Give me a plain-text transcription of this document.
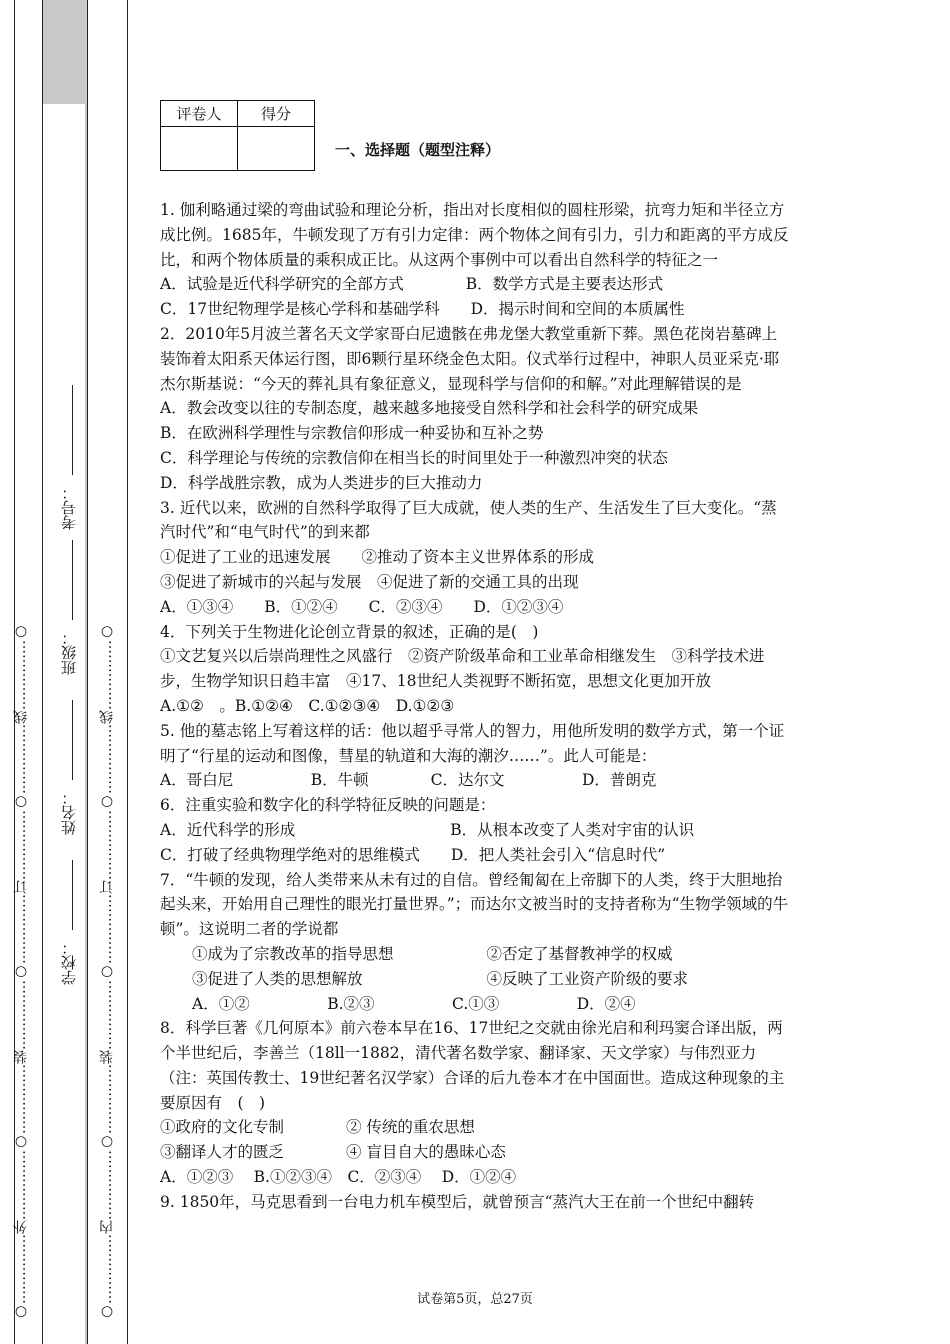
○……………外……………○……………装……………○……………订……………○……………线……………○	○……………内……………○……………装……………○……………订……………○……………线……………○
学校：
姓名：
班级：
考号：
评卷人	得分

一、选择题（题型注释）

1. 伽利略通过梁的弯曲试验和理论分析，指出对长度相似的圆柱形梁，抗弯力矩和半径立方成比例。1685年，牛顿发现了万有引力定律：两个物体之间有引力，引力和距离的平方成反比，和两个物体质量的乘积成正比。从这两个事例中可以看出自然科学的特征之一

A．试验是近代科学研究的全部方式　　　　B．数学方式是主要表达形式

C．17世纪物理学是核心学科和基础学科　　D．揭示时间和空间的本质属性

2．2010年5月波兰著名天文学家哥白尼遗骸在弗龙堡大教堂重新下葬。黑色花岗岩墓碑上装饰着太阳系天体运行图，即6颗行星环绕金色太阳。仪式举行过程中，神职人员亚采克·耶杰尔斯基说：“今天的葬礼具有象征意义，显现科学与信仰的和解。”对此理解错误的是

A．教会改变以往的专制态度，越来越多地接受自然科学和社会科学的研究成果

B．在欧洲科学理性与宗教信仰形成一种妥协和互补之势

C．科学理论与传统的宗教信仰在相当长的时间里处于一种激烈冲突的状态

D．科学战胜宗教，成为人类进步的巨大推动力

3. 近代以来，欧洲的自然科学取得了巨大成就，使人类的生产、生活发生了巨大变化。“蒸汽时代”和“电气时代”的到来都

①促进了工业的迅速发展　　②推动了资本主义世界体系的形成

③促进了新城市的兴起与发展　④促进了新的交通工具的出现

A．①③④　　B．①②④　　C．②③④　　D．①②③④

4．下列关于生物进化论创立背景的叙述，正确的是(　)

①文艺复兴以后崇尚理性之风盛行　②资产阶级革命和工业革命相继发生　③科学技术进步，生物学知识日趋丰富　④17、18世纪人类视野不断拓宽，思想文化更加开放

A.①②　。B.①②④　C.①②③④　D.①②③

5. 他的墓志铭上写着这样的话：他以超乎寻常人的智力，用他所发明的数学方式，第一个证明了“行星的运动和图像，彗星的轨道和大海的潮汐……”。此人可能是：

A．哥白尼　　　　　B．牛顿　　　　C．达尔文　　　　　D．普朗克

6．注重实验和数字化的科学特征反映的问题是：

A．近代科学的形成　　　　　　　　　　B．从根本改变了人类对宇宙的认识

C．打破了经典物理学绝对的思维模式　　D．把人类社会引入“信息时代”

7．“牛顿的发现，给人类带来从未有过的自信。曾经匍匐在上帝脚下的人类，终于大胆地抬起头来，开始用自己理性的眼光打量世界。”；而达尔文被当时的支持者称为“生物学领域的牛顿”。这说明二者的学说都

①成为了宗教改革的指导思想　　　　　　②否定了基督教神学的权威

③促进了人类的思想解放　　　　　　　　④反映了工业资产阶级的要求

A．①②　　　　　B.②③　　　　　C.①③　　　　　D．②④

8．科学巨著《几何原本》前六卷本早在16、17世纪之交就由徐光启和利玛窦合译出版，两个半世纪后，李善兰（18ll一1882，清代著名数学家、翻译家、天文学家）与伟烈亚力（注：英国传教士、19世纪著名汉学家）合译的后九卷本才在中国面世。造成这种现象的主要原因有　(　)

①政府的文化专制　　　　② 传统的重农思想

③翻译人才的匮乏　　　　④ 盲目自大的愚昧心态

A．①②③　 B.①②③④　C．②③④　 D．①②④

9. 1850年，马克思看到一台电力机车模型后，就曾预言“蒸汽大王在前一个世纪中翻转

试卷第5页，总27页
